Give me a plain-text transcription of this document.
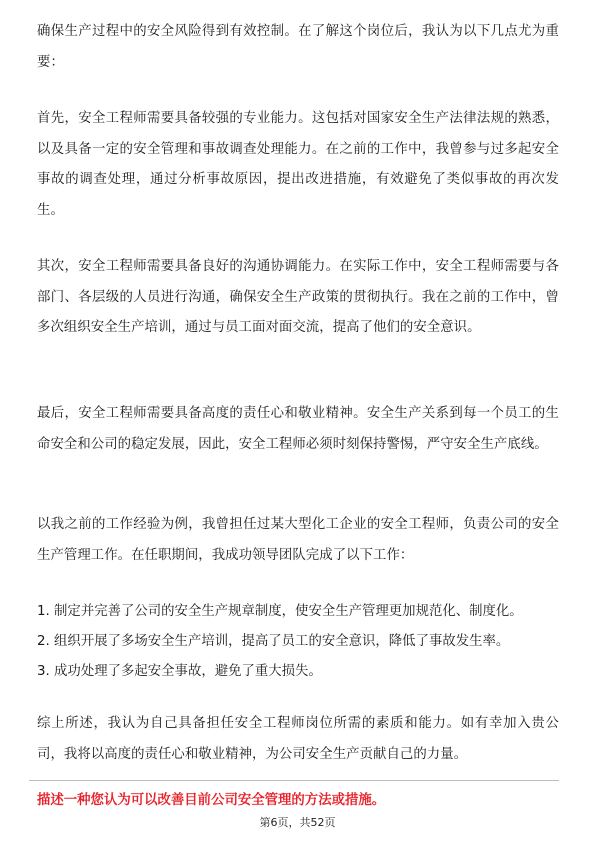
确保生产过程中的安全风险得到有效控制。在了解这个岗位后，我认为以下几点尤为重要：

首先，安全工程师需要具备较强的专业能力。这包括对国家安全生产法律法规的熟悉，以及具备一定的安全管理和事故调查处理能力。在之前的工作中，我曾参与过多起安全事故的调查处理，通过分析事故原因，提出改进措施，有效避免了类似事故的再次发生。

其次，安全工程师需要具备良好的沟通协调能力。在实际工作中，安全工程师需要与各部门、各层级的人员进行沟通，确保安全生产政策的贯彻执行。我在之前的工作中，曾多次组织安全生产培训，通过与员工面对面交流，提高了他们的安全意识。

最后，安全工程师需要具备高度的责任心和敬业精神。安全生产关系到每一个员工的生命安全和公司的稳定发展，因此，安全工程师必须时刻保持警惕，严守安全生产底线。

以我之前的工作经验为例，我曾担任过某大型化工企业的安全工程师，负责公司的安全生产管理工作。在任职期间，我成功领导团队完成了以下工作：

1. 制定并完善了公司的安全生产规章制度，使安全生产管理更加规范化、制度化。

2. 组织开展了多场安全生产培训，提高了员工的安全意识，降低了事故发生率。

3. 成功处理了多起安全事故，避免了重大损失。

综上所述，我认为自己具备担任安全工程师岗位所需的素质和能力。如有幸加入贵公司，我将以高度的责任心和敬业精神，为公司安全生产贡献自己的力量。

描述一种您认为可以改善目前公司安全管理的方法或措施。

第6页，共52页
